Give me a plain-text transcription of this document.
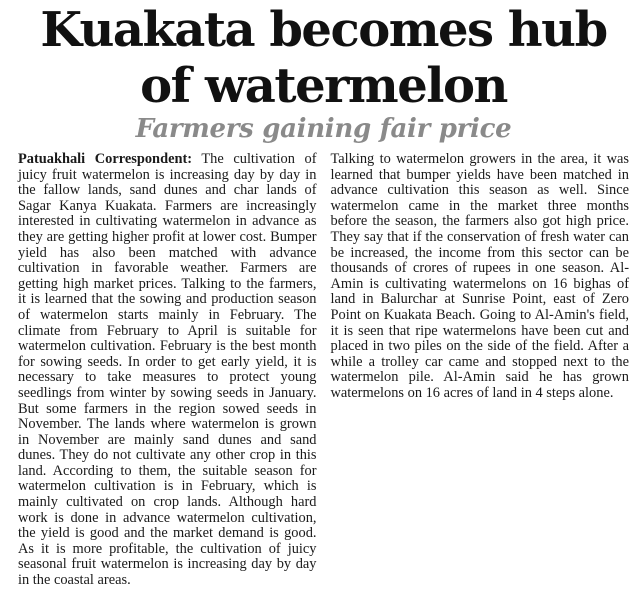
Kuakata becomes hub
of watermelon
Farmers gaining fair price

Patuakhali Correspondent: The cultivation of juicy fruit watermelon is increasing day by day in the fallow lands, sand dunes and char lands of Sagar Kanya Kuakata. Farmers are increasingly interested in cultivating watermelon in advance as they are getting higher profit at lower cost. Bumper yield has also been matched with advance cultivation in favorable weather. Farmers are getting high market prices. Talking to the farmers, it is learned that the sowing and production season of watermelon starts mainly in February. The climate from February to April is suitable for watermelon cultivation. February is the best month for sowing seeds. In order to get early yield, it is necessary to take measures to protect young seedlings from winter by sowing seeds in January. But some farmers in the region sowed seeds in November. The lands where watermelon is grown in November are mainly sand dunes and sand dunes. They do not cultivate any other crop in this land. According to them, the suitable season for watermelon cultivation is in February, which is mainly cultivated on crop lands. Although hard work is done in advance watermelon cultivation, the yield is good and the market demand is good. As it is more profitable, the cultivation of juicy seasonal fruit watermelon is increasing day by day in the coastal areas.

Talking to watermelon growers in the area, it was learned that bumper yields have been matched in advance cultivation this season as well. Since watermelon came in the market three months before the season, the farmers also got high price. They say that if the conservation of fresh water can be increased, the income from this sector can be thousands of crores of rupees in one season. Al-Amin is cultivating watermelons on 16 bighas of land in Balurchar at Sunrise Point, east of Zero Point on Kuakata Beach. Going to Al-Amin's field, it is seen that ripe watermelons have been cut and placed in two piles on the side of the field. After a while a trolley car came and stopped next to the watermelon pile. Al-Amin said he has grown watermelons on 16 acres of land in 4 steps alone.
